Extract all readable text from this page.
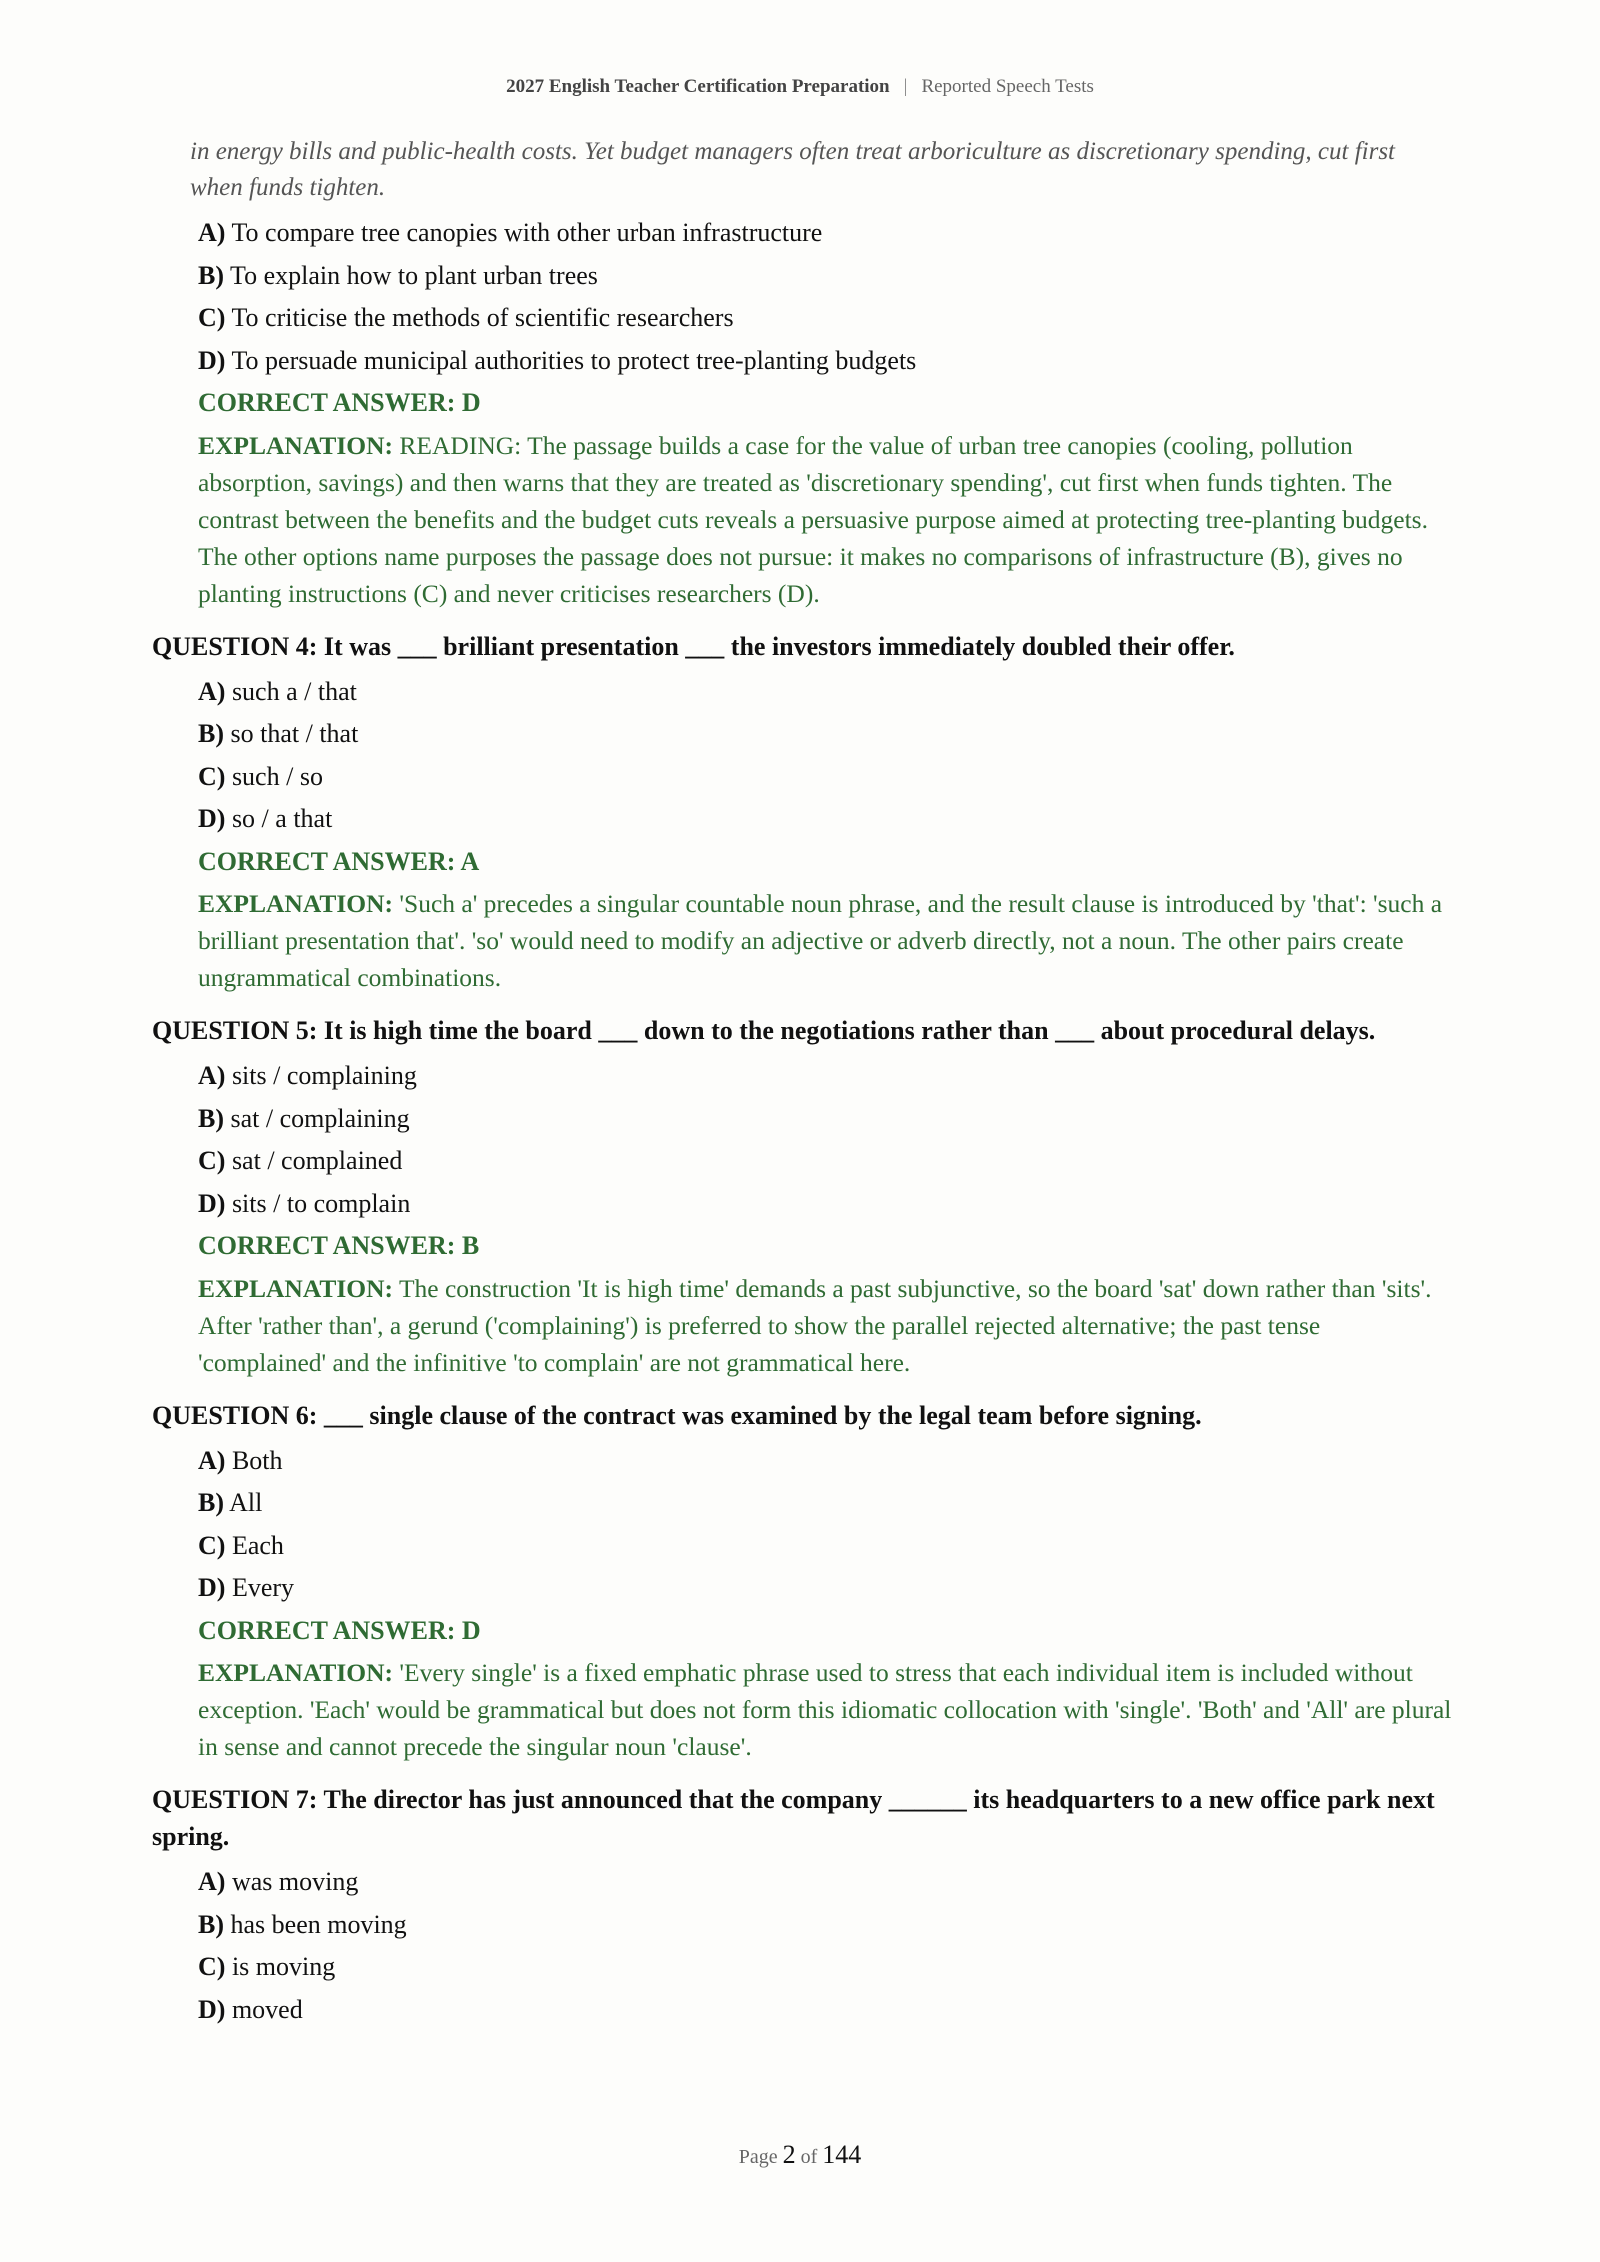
2027 English Teacher Certification Preparation | Reported Speech Tests
in energy bills and public-health costs. Yet budget managers often treat arboriculture as discretionary spending, cut first when funds tighten.
A) To compare tree canopies with other urban infrastructure
B) To explain how to plant urban trees
C) To criticise the methods of scientific researchers
D) To persuade municipal authorities to protect tree-planting budgets
CORRECT ANSWER: D
EXPLANATION: READING: The passage builds a case for the value of urban tree canopies (cooling, pollution absorption, savings) and then warns that they are treated as 'discretionary spending', cut first when funds tighten. The contrast between the benefits and the budget cuts reveals a persuasive purpose aimed at protecting tree-planting budgets. The other options name purposes the passage does not pursue: it makes no comparisons of infrastructure (B), gives no planting instructions (C) and never criticises researchers (D).
QUESTION 4: It was ___ brilliant presentation ___ the investors immediately doubled their offer.
A) such a / that
B) so that / that
C) such / so
D) so / a that
CORRECT ANSWER: A
EXPLANATION: 'Such a' precedes a singular countable noun phrase, and the result clause is introduced by 'that': 'such a brilliant presentation that'. 'so' would need to modify an adjective or adverb directly, not a noun. The other pairs create ungrammatical combinations.
QUESTION 5: It is high time the board ___ down to the negotiations rather than ___ about procedural delays.
A) sits / complaining
B) sat / complaining
C) sat / complained
D) sits / to complain
CORRECT ANSWER: B
EXPLANATION: The construction 'It is high time' demands a past subjunctive, so the board 'sat' down rather than 'sits'. After 'rather than', a gerund ('complaining') is preferred to show the parallel rejected alternative; the past tense 'complained' and the infinitive 'to complain' are not grammatical here.
QUESTION 6: ___ single clause of the contract was examined by the legal team before signing.
A) Both
B) All
C) Each
D) Every
CORRECT ANSWER: D
EXPLANATION: 'Every single' is a fixed emphatic phrase used to stress that each individual item is included without exception. 'Each' would be grammatical but does not form this idiomatic collocation with 'single'. 'Both' and 'All' are plural in sense and cannot precede the singular noun 'clause'.
QUESTION 7: The director has just announced that the company ______ its headquarters to a new office park next spring.
A) was moving
B) has been moving
C) is moving
D) moved
Page 2 of 144
